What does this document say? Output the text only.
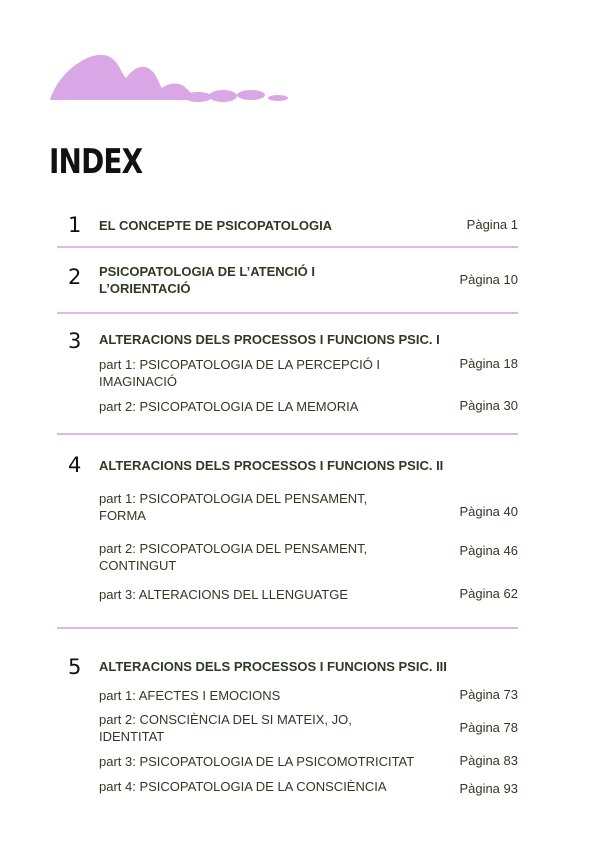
INDEX
1 EL CONCEPTE DE PSICOPATOLOGIA	Pàgina 1
2 PSICOPATOLOGIA DE L’ATENCIÓ I
L’ORIENTACIÓ
Pàgina 10
3 ALTERACIONS DELS PROCESSOS I FUNCIONS PSIC. I
part 1: PSICOPATOLOGIA DE LA PERCEPCIÓ I
IMAGINACIÓ
Pàgina 18
part 2: PSICOPATOLOGIA DE LA MEMORIA	Pàgina 30
4 ALTERACIONS DELS PROCESSOS I FUNCIONS PSIC. II
part 1: PSICOPATOLOGIA DEL PENSAMENT,
FORMA	Pàgina 40
part 2: PSICOPATOLOGIA DEL PENSAMENT,
CONTINGUT
Pàgina 46
part 3: ALTERACIONS DEL LLENGUATGE	Pàgina 62
5 ALTERACIONS DELS PROCESSOS I FUNCIONS PSIC. III
part 1: AFECTES I EMOCIONS	Pàgina 73
part 2: CONSCIÈNCIA DEL SI MATEIX, JO,
IDENTITAT
Pàgina 78
part 3: PSICOPATOLOGIA DE LA PSICOMOTRICITAT	Pàgina 83
part 4: PSICOPATOLOGIA DE LA CONSCIÈNCIA	Pàgina 93
